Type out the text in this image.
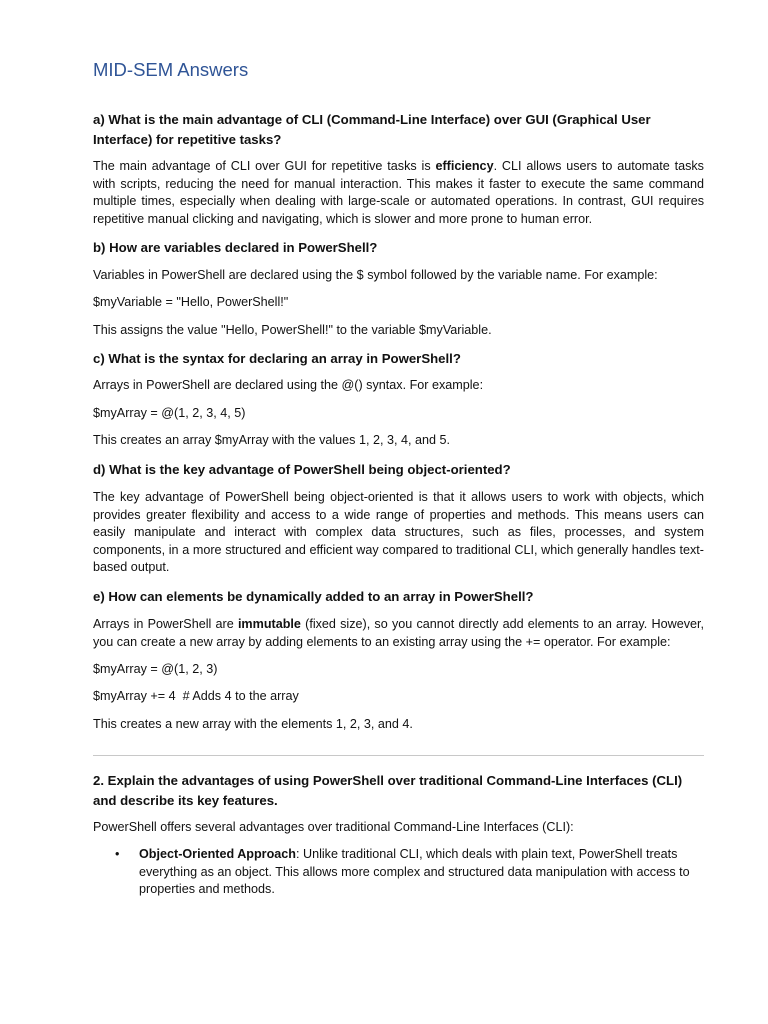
MID-SEM Answers

a) What is the main advantage of CLI (Command-Line Interface) over GUI (Graphical User Interface) for repetitive tasks?

The main advantage of CLI over GUI for repetitive tasks is efficiency. CLI allows users to automate tasks with scripts, reducing the need for manual interaction. This makes it faster to execute the same command multiple times, especially when dealing with large-scale or automated operations. In contrast, GUI requires repetitive manual clicking and navigating, which is slower and more prone to human error.

b) How are variables declared in PowerShell?

Variables in PowerShell are declared using the $ symbol followed by the variable name. For example:

$myVariable = "Hello, PowerShell!"

This assigns the value "Hello, PowerShell!" to the variable $myVariable.

c) What is the syntax for declaring an array in PowerShell?

Arrays in PowerShell are declared using the @() syntax. For example:

$myArray = @(1, 2, 3, 4, 5)

This creates an array $myArray with the values 1, 2, 3, 4, and 5.

d) What is the key advantage of PowerShell being object-oriented?

The key advantage of PowerShell being object-oriented is that it allows users to work with objects, which provides greater flexibility and access to a wide range of properties and methods. This means users can easily manipulate and interact with complex data structures, such as files, processes, and system components, in a more structured and efficient way compared to traditional CLI, which generally handles text-based output.

e) How can elements be dynamically added to an array in PowerShell?

Arrays in PowerShell are immutable (fixed size), so you cannot directly add elements to an array. However, you can create a new array by adding elements to an existing array using the += operator. For example:

$myArray = @(1, 2, 3)

$myArray += 4  # Adds 4 to the array

This creates a new array with the elements 1, 2, 3, and 4.

2. Explain the advantages of using PowerShell over traditional Command-Line Interfaces (CLI) and describe its key features.

PowerShell offers several advantages over traditional Command-Line Interfaces (CLI):

• Object-Oriented Approach: Unlike traditional CLI, which deals with plain text, PowerShell treats everything as an object. This allows more complex and structured data manipulation with access to properties and methods.
